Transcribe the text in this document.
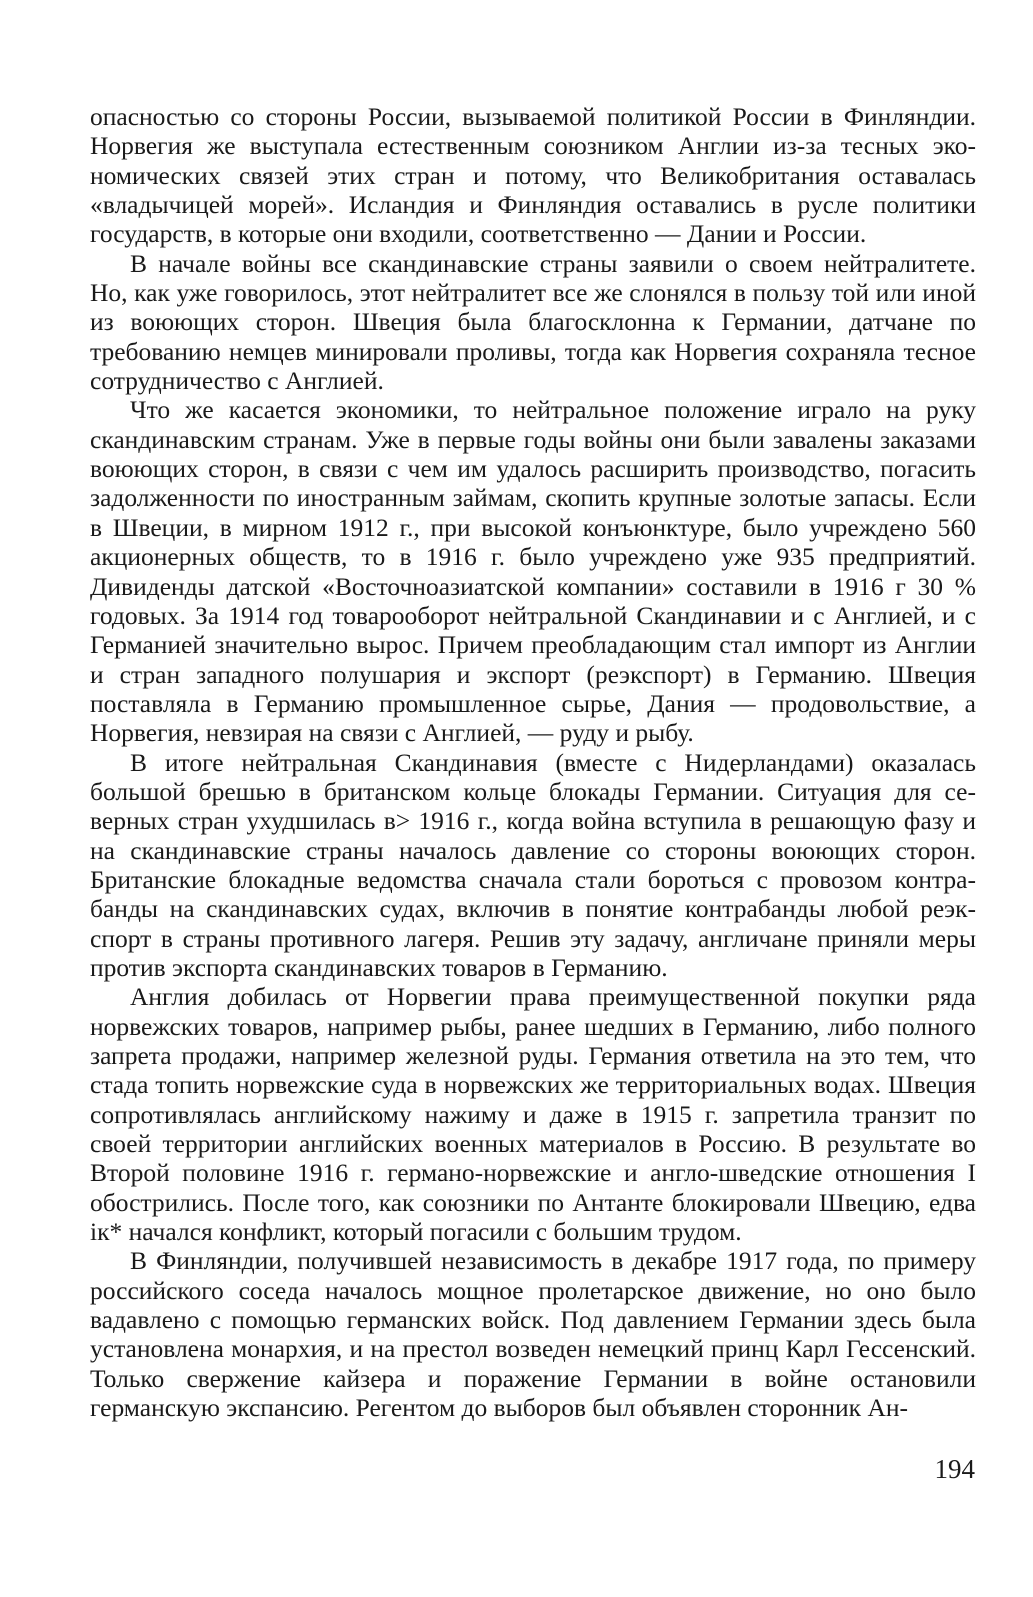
опасностью со стороны России, вызываемой политикой России в Финляндии. Норвегия же выступала естественным союзником Англии из-за тесных экономических связей этих стран и потому, что Великобритания оставалась «владычицей морей». Исландия и Финляндия оставались в русле политики государств, в которые они входили, соответственно — Дании и России.

В начале войны все скандинавские страны заявили о своем нейтралитете. Но, как уже говорилось, этот нейтралитет все же слонялся в пользу той или иной из воюющих сторон. Швеция была благосклонна к Германии, датчане по требованию немцев минировали проливы, тогда как Норвегия сохраняла тесное сотрудничество с Англией.

Что же касается экономики, то нейтральное положение играло на руку скандинавским странам. Уже в первые годы войны они были завалены заказами воюющих сторон, в связи с чем им удалось расширить производство, погасить задолженности по иностранным займам, скопить крупные золотые запасы. Если в Швеции, в мирном 1912 г., при высокой конъюнктуре, было учреждено 560 акционерных обществ, то в 1916 г. было учреждено уже 935 предприятий. Дивиденды датской «Восточноазиатской компании» составили в 1916 г 30 % годовых. За 1914 год товарооборот нейтральной Скандинавии и с Англией, и с Германией значительно вырос. Причем преобладающим стал импорт из Англии и стран западного полушария и экспорт (реэкспорт) в Германию. Швеция поставляла в Германию промышленное сырье, Дания — продовольствие, а Норвегия, невзирая на связи с Англией, — руду и рыбу.

В итоге нейтральная Скандинавия (вместе с Нидерландами) оказалась большой брешью в британском кольце блокады Германии. Ситуация для северных стран ухудшилась в> 1916 г., когда война вступила в решающую фазу и на скандинавские страны началось давление со стороны воюющих сторон. Британские блокадные ведомства сначала стали бороться с провозом контрабанды на скандинавских судах, включив в понятие контрабанды любой реэкспорт в страны противного лагеря. Решив эту задачу, англичане приняли меры против экспорта скандинавских товаров в Германию.

Англия добилась от Норвегии права преимущественной покупки ряда норвежских товаров, например рыбы, ранее шедших в Германию, либо полного запрета продажи, например железной руды. Германия ответила на это тем, что стада топить норвежские суда в норвежских же территориальных водах. Швеция сопротивлялась английскому нажиму и даже в 1915 г. запретила транзит по своей территории английских военных материалов в Россию. В результате во Второй половине 1916 г. германо-норвежские и англо-шведские отношения I обострились. После того, как союзники по Антанте блокировали Швецию, едва ік* начался конфликт, который погасили с большим трудом.

В Финляндии, получившей независимость в декабре 1917 года, по примеру российского соседа началось мощное пролетарское движение, но оно было вадавлено с помощью германских войск. Под давлением Германии здесь была установлена монархия, и на престол возведен немецкий принц Карл Гессенский. Только свержение кайзера и поражение Германии в войне остановили германскую экспансию. Регентом до выборов был объявлен сторонник Ан-

194
